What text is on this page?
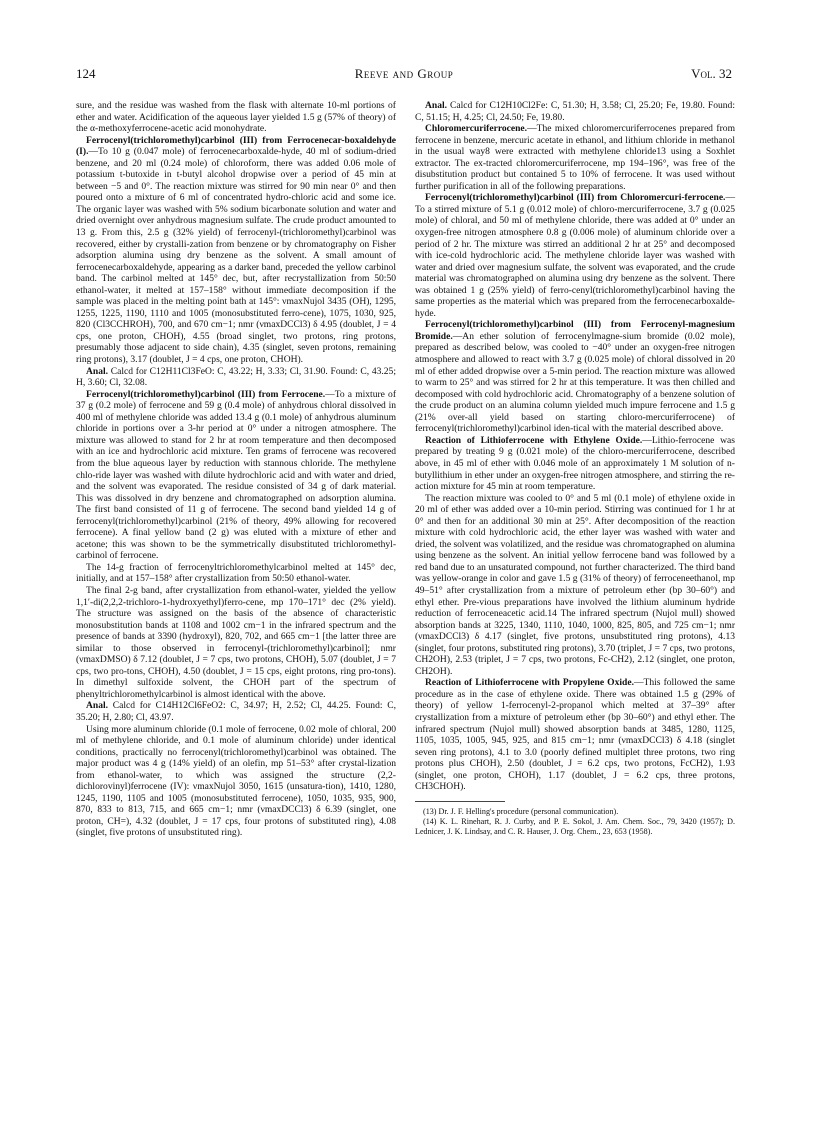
124	Reeve and Group	Vol. 32

sure, and the residue was washed from the flask with alternate 10-ml portions of ether and water. Acidification of the aqueous layer yielded 1.5 g (57% of theory) of the α-methoxyferrocene-acetic acid monohydrate.

Ferrocenyl(trichloromethyl)carbinol (III) from Ferrocenecar-boxaldehyde (I).—To 10 g (0.047 mole) of ferrocenecarboxalde-hyde, 40 ml of sodium-dried benzene, and 20 ml (0.24 mole) of chloroform, there was added 0.06 mole of potassium t-butoxide in t-butyl alcohol dropwise over a period of 45 min at between −5 and 0°. The reaction mixture was stirred for 90 min near 0° and then poured onto a mixture of 6 ml of concentrated hydro-chloric acid and some ice. The organic layer was washed with 5% sodium bicarbonate solution and water and dried overnight over anhydrous magnesium sulfate. The crude product amounted to 13 g. From this, 2.5 g (32% yield) of ferrocenyl-(trichloromethyl)carbinol was recovered, either by crystalli-zation from benzene or by chromatography on Fisher adsorption alumina using dry benzene as the solvent. A small amount of ferrocenecarboxaldehyde, appearing as a darker band, preceded the yellow carbinol band. The carbinol melted at 145° dec, but, after recrystallization from 50:50 ethanol-water, it melted at 157–158° without immediate decomposition if the sample was placed in the melting point bath at 145°: νmaxNujol 3435 (OH), 1295, 1255, 1225, 1190, 1110 and 1005 (monosubstituted ferro-cene), 1075, 1030, 925, 820 (Cl3CCHROH), 700, and 670 cm−1; nmr (νmaxDCCl3) δ 4.95 (doublet, J = 4 cps, one proton, CHOH), 4.55 (broad singlet, two protons, ring protons, presumably those adjacent to side chain), 4.35 (singlet, seven protons, remaining ring protons), 3.17 (doublet, J = 4 cps, one proton, CHOH).

Anal. Calcd for C12H11Cl3FeO: C, 43.22; H, 3.33; Cl, 31.90. Found: C, 43.25; H, 3.60; Cl, 32.08.

Ferrocenyl(trichloromethyl)carbinol (III) from Ferrocene.—To a mixture of 37 g (0.2 mole) of ferrocene and 59 g (0.4 mole) of anhydrous chloral dissolved in 400 ml of methylene chloride was added 13.4 g (0.1 mole) of anhydrous aluminum chloride in portions over a 3-hr period at 0° under a nitrogen atmosphere. The mixture was allowed to stand for 2 hr at room temperature and then decomposed with an ice and hydrochloric acid mixture. Ten grams of ferrocene was recovered from the blue aqueous layer by reduction with stannous chloride. The methylene chlo-ride layer was washed with dilute hydrochloric acid and with water and dried, and the solvent was evaporated. The residue consisted of 34 g of dark material. This was dissolved in dry benzene and chromatographed on adsorption alumina. The first band consisted of 11 g of ferrocene. The second band yielded 14 g of ferrocenyl(trichloromethyl)carbinol (21% of theory, 49% allowing for recovered ferrocene). A final yellow band (2 g) was eluted with a mixture of ether and acetone; this was shown to be the symmetrically disubstituted trichloromethyl-carbinol of ferrocene.

The 14-g fraction of ferrocenyltrichloromethylcarbinol melted at 145° dec, initially, and at 157–158° after crystallization from 50:50 ethanol-water.

The final 2-g band, after crystallization from ethanol-water, yielded the yellow 1,1′-di(2,2,2-trichloro-1-hydroxyethyl)ferro-cene, mp 170–171° dec (2% yield). The structure was assigned on the basis of the absence of characteristic monosubstitution bands at 1108 and 1002 cm−1 in the infrared spectrum and the presence of bands at 3390 (hydroxyl), 820, 702, and 665 cm−1 [the latter three are similar to those observed in ferrocenyl-(trichloromethyl)carbinol]; nmr (νmaxDMSO) δ 7.12 (doublet, J = 7 cps, two protons, CHOH), 5.07 (doublet, J = 7 cps, two pro-tons, CHOH), 4.50 (doublet, J = 15 cps, eight protons, ring pro-tons). In dimethyl sulfoxide solvent, the CHOH part of the spectrum of phenyltrichloromethylcarbinol is almost identical with the above.

Anal. Calcd for C14H12Cl6FeO2: C, 34.97; H, 2.52; Cl, 44.25. Found: C, 35.20; H, 2.80; Cl, 43.97.

Using more aluminum chloride (0.1 mole of ferrocene, 0.02 mole of chloral, 200 ml of methylene chloride, and 0.1 mole of aluminum chloride) under identical conditions, practically no ferrocenyl(trichloromethyl)carbinol was obtained. The major product was 4 g (14% yield) of an olefin, mp 51–53° after crystal-lization from ethanol-water, to which was assigned the structure (2,2-dichlorovinyl)ferrocene (IV): νmaxNujol 3050, 1615 (unsatura-tion), 1410, 1280, 1245, 1190, 1105 and 1005 (monosubstituted ferrocene), 1050, 1035, 935, 900, 870, 833 to 813, 715, and 665 cm−1; nmr (νmaxDCCl3) δ 6.39 (singlet, one proton, CH=), 4.32 (doublet, J = 17 cps, four protons of substituted ring), 4.08 (singlet, five protons of unsubstituted ring).

Anal. Calcd for C12H10Cl2Fe: C, 51.30; H, 3.58; Cl, 25.20; Fe, 19.80. Found: C, 51.15; H, 4.25; Cl, 24.50; Fe, 19.80.

Chloromercuriferrocene.—The mixed chloromercuriferrocenes prepared from ferrocene in benzene, mercuric acetate in ethanol, and lithium chloride in methanol in the usual way8 were extracted with methylene chloride13 using a Soxhlet extractor. The ex-tracted chloromercuriferrocene, mp 194–196°, was free of the disubstitution product but contained 5 to 10% of ferrocene. It was used without further purification in all of the following preparations.

Ferrocenyl(trichloromethyl)carbinol (III) from Chloromercuri-ferrocene.—To a stirred mixture of 5.1 g (0.012 mole) of chloro-mercuriferrocene, 3.7 g (0.025 mole) of chloral, and 50 ml of methylene chloride, there was added at 0° under an oxygen-free nitrogen atmosphere 0.8 g (0.006 mole) of aluminum chloride over a period of 2 hr. The mixture was stirred an additional 2 hr at 25° and decomposed with ice-cold hydrochloric acid. The methylene chloride layer was washed with water and dried over magnesium sulfate, the solvent was evaporated, and the crude material was chromatographed on alumina using dry benzene as the solvent. There was obtained 1 g (25% yield) of ferro-cenyl(trichloromethyl)carbinol having the same properties as the material which was prepared from the ferrocenecarboxalde-hyde.

Ferrocenyl(trichloromethyl)carbinol (III) from Ferrocenyl-magnesium Bromide.—An ether solution of ferrocenylmagne-sium bromide (0.02 mole), prepared as described below, was cooled to −40° under an oxygen-free nitrogen atmosphere and allowed to react with 3.7 g (0.025 mole) of chloral dissolved in 20 ml of ether added dropwise over a 5-min period. The reaction mixture was allowed to warm to 25° and was stirred for 2 hr at this temperature. It was then chilled and decomposed with cold hydrochloric acid. Chromatography of a benzene solution of the crude product on an alumina column yielded much impure ferrocene and 1.5 g (21% over-all yield based on starting chloro-mercuriferrocene) of ferrocenyl(trichloromethyl)carbinol iden-tical with the material described above.

Reaction of Lithioferrocene with Ethylene Oxide.—Lithio-ferrocene was prepared by treating 9 g (0.021 mole) of the chloro-mercuriferrocene, described above, in 45 ml of ether with 0.046 mole of an approximately 1 M solution of n-butyllithium in ether under an oxygen-free nitrogen atmosphere, and stirring the re-action mixture for 45 min at room temperature.

The reaction mixture was cooled to 0° and 5 ml (0.1 mole) of ethylene oxide in 20 ml of ether was added over a 10-min period. Stirring was continued for 1 hr at 0° and then for an additional 30 min at 25°. After decomposition of the reaction mixture with cold hydrochloric acid, the ether layer was washed with water and dried, the solvent was volatilized, and the residue was chromatographed on alumina using benzene as the solvent. An initial yellow ferrocene band was followed by a red band due to an unsaturated compound, not further characterized. The third band was yellow-orange in color and gave 1.5 g (31% of theory) of ferroceneethanol, mp 49–51° after crystallization from a mixture of petroleum ether (bp 30–60°) and ethyl ether. Pre-vious preparations have involved the lithium aluminum hydride reduction of ferroceneacetic acid.14 The infrared spectrum (Nujol mull) showed absorption bands at 3225, 1340, 1110, 1040, 1000, 825, 805, and 725 cm−1; nmr (νmaxDCCl3) δ 4.17 (singlet, five protons, unsubstituted ring protons), 4.13 (singlet, four protons, substituted ring protons), 3.70 (triplet, J = 7 cps, two protons, CH2OH), 2.53 (triplet, J = 7 cps, two protons, Fc-CH2), 2.12 (singlet, one proton, CH2OH).

Reaction of Lithioferrocene with Propylene Oxide.—This followed the same procedure as in the case of ethylene oxide. There was obtained 1.5 g (29% of theory) of yellow 1-ferrocenyl-2-propanol which melted at 37–39° after crystallization from a mixture of petroleum ether (bp 30–60°) and ethyl ether. The infrared spectrum (Nujol mull) showed absorption bands at 3485, 1280, 1125, 1105, 1035, 1005, 945, 925, and 815 cm−1; nmr (νmaxDCCl3) δ 4.18 (singlet seven ring protons), 4.1 to 3.0 (poorly defined multiplet three protons, two ring protons plus CHOH), 2.50 (doublet, J = 6.2 cps, two protons, FcCH2), 1.93 (singlet, one proton, CHOH), 1.17 (doublet, J = 6.2 cps, three protons, CH3CHOH).

(13) Dr. J. F. Helling's procedure (personal communication).

(14) K. L. Rinehart, R. J. Curby, and P. E. Sokol, J. Am. Chem. Soc., 79, 3420 (1957); D. Lednicer, J. K. Lindsay, and C. R. Hauser, J. Org. Chem., 23, 653 (1958).
